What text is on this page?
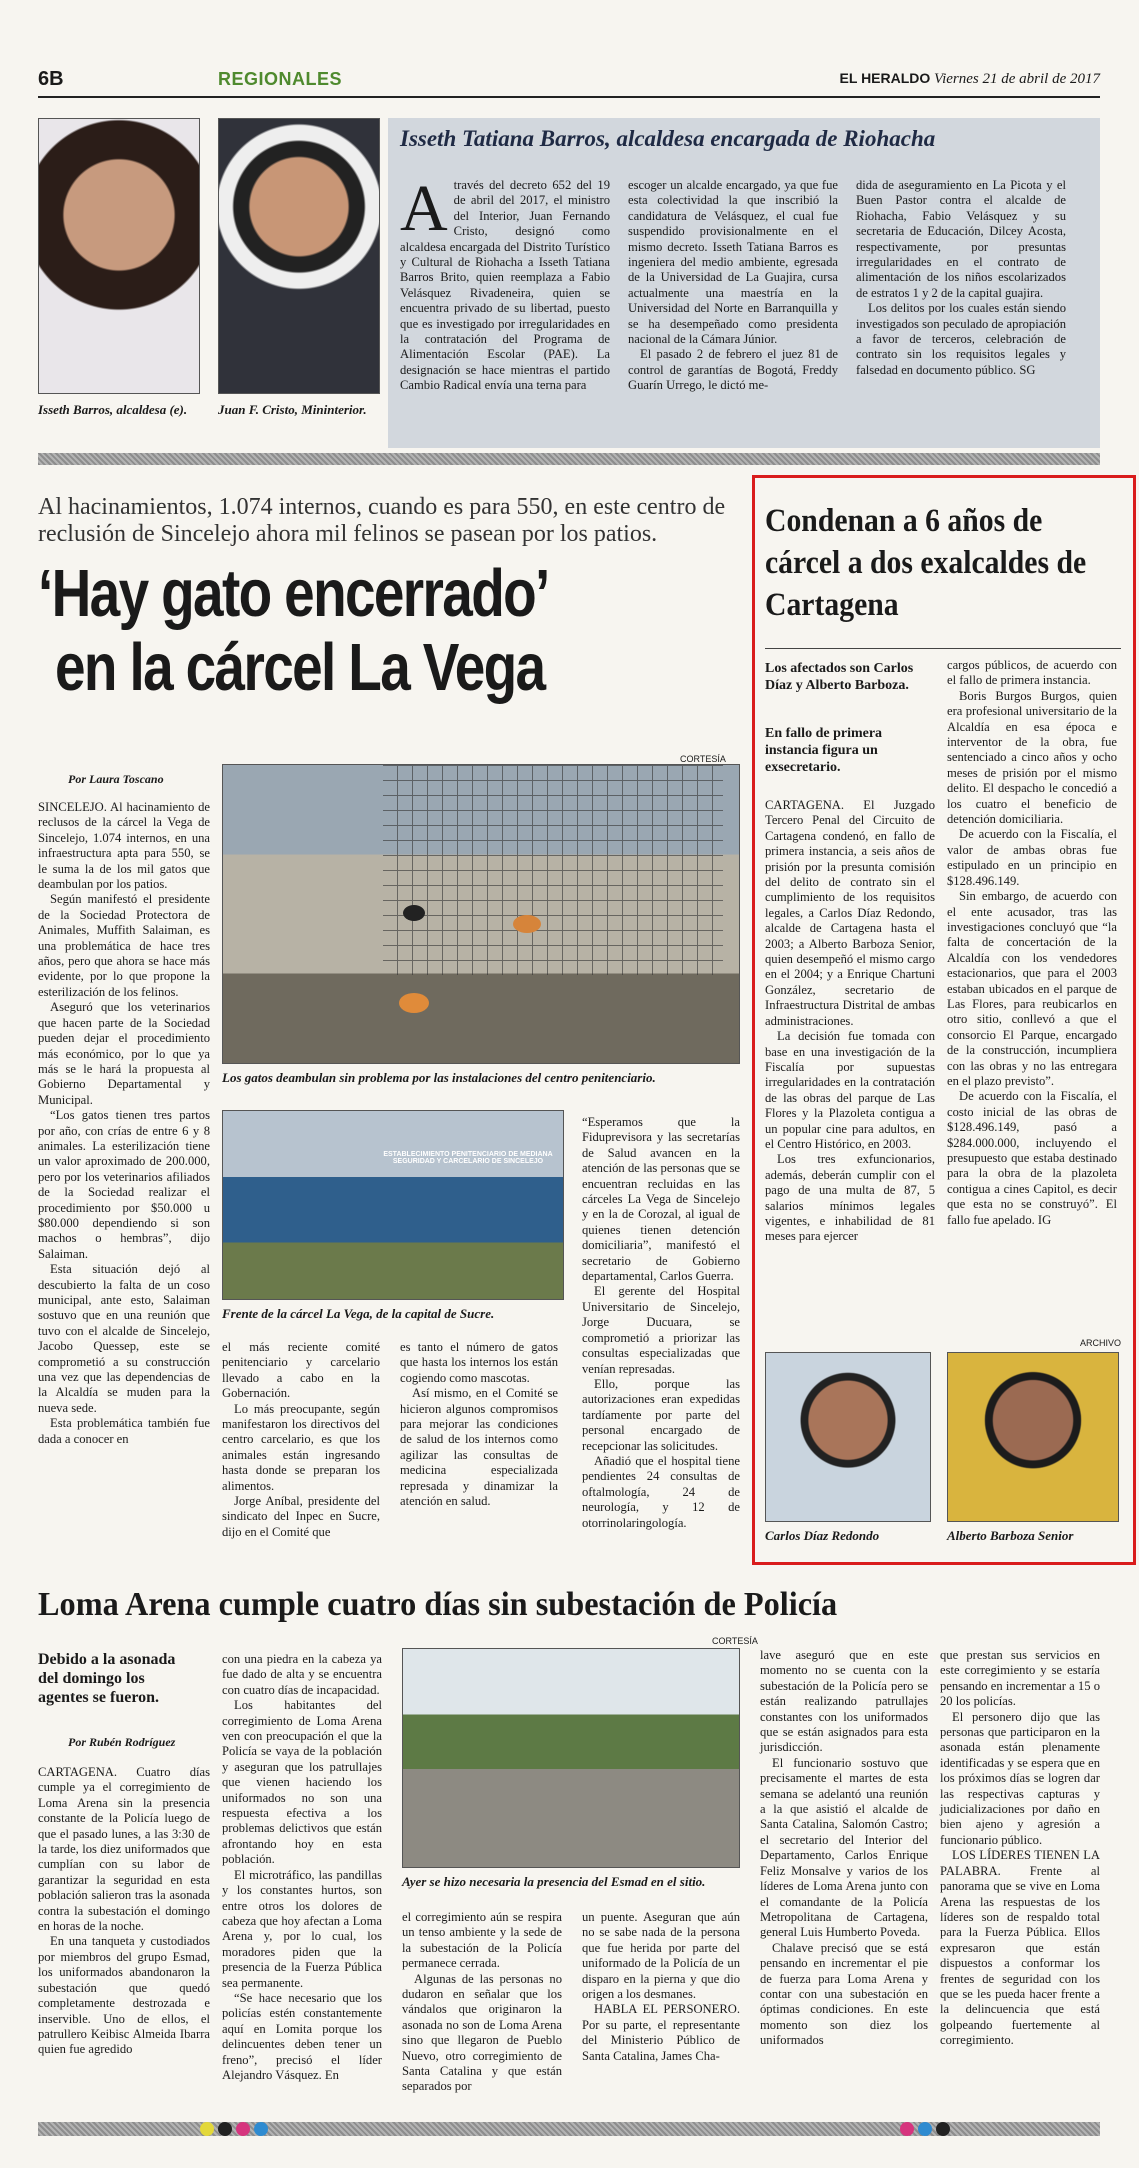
6B	REGIONALES	EL HERALDO Viernes 21 de abril de 2017
Isseth Barros, alcaldesa (e).	Juan F. Cristo, Mininterior.
Isseth Tatiana Barros, alcaldesa encargada de Riohacha
Através del decreto 652 del 19 de abril del 2017, el ministro del Interior, Juan Fernando Cristo, designó como alcaldesa encargada del Distrito Turístico y Cultural de Riohacha a Isseth Tatiana Barros Brito, quien reemplaza a Fabio Velásquez Rivadeneira, quien se encuentra privado de su libertad, puesto que es investigado por irregularidades en la contratación del Programa de Alimentación Escolar (PAE). La designación se hace mientras el partido Cambio Radical envía una terna para

escoger un alcalde encargado, ya que fue esta colectividad la que inscribió la candidatura de Velásquez, el cual fue suspendido provisionalmente en el mismo decreto. Isseth Tatiana Barros es ingeniera del medio ambiente, egresada de la Universidad de La Guajira, cursa actualmente una maestría en la Universidad del Norte en Barranquilla y se ha desempeñado como presidenta nacional de la Cámara Júnior.

El pasado 2 de febrero el juez 81 de control de garantías de Bogotá, Freddy Guarín Urrego, le dictó me-

dida de aseguramiento en La Picota y el Buen Pastor contra el alcalde de Riohacha, Fabio Velásquez y su secretaria de Educación, Dilcey Acosta, respectivamente, por presuntas irregularidades en el contrato de alimentación de los niños escolarizados de estratos 1 y 2 de la capital guajira.

Los delitos por los cuales están siendo investigados son peculado de apropiación a favor de terceros, celebración de contrato sin los requisitos legales y falsedad en documento público. SG

Al hacinamientos, 1.074 internos, cuando es para 550, en este centro de reclusión de Sincelejo ahora mil felinos se pasean por los patios.
‘Hay gato encerrado’
en la cárcel La Vega
Por Laura Toscano
CORTESÍA
Los gatos deambulan sin problema por las instalaciones del centro penitenciario.
ESTABLECIMIENTO PENITENCIARIO DE MEDIANA SEGURIDAD Y CARCELARIO DE SINCELEJO
Frente de la cárcel La Vega, de la capital de Sucre.

SINCELEJO. Al hacinamiento de reclusos de la cárcel la Vega de Sincelejo, 1.074 internos, en una infraestructura apta para 550, se le suma la de los mil gatos que deambulan por los patios.

Según manifestó el presidente de la Sociedad Protectora de Animales, Muffith Salaiman, es una problemática de hace tres años, pero que ahora se hace más evidente, por lo que propone la esterilización de los felinos.

Aseguró que los veterinarios que hacen parte de la Sociedad pueden dejar el procedimiento más económico, por lo que ya más se le hará la propuesta al Gobierno Departamental y Municipal.

“Los gatos tienen tres partos por año, con crías de entre 6 y 8 animales. La esterilización tiene un valor aproximado de 200.000, pero por los veterinarios afiliados de la Sociedad realizar el procedimiento por $50.000 u $80.000 dependiendo si son machos o hembras”, dijo Salaiman.

Esta situación dejó al descubierto la falta de un coso municipal, ante esto, Salaiman sostuvo que en una reunión que tuvo con el alcalde de Sincelejo, Jacobo Quessep, este se comprometió a su construcción una vez que las dependencias de la Alcaldía se muden para la nueva sede.

Esta problemática también fue dada a conocer en

el más reciente comité penitenciario y carcelario llevado a cabo en la Gobernación.

Lo más preocupante, según manifestaron los directivos del centro carcelario, es que los animales están ingresando hasta donde se preparan los alimentos.

Jorge Aníbal, presidente del sindicato del Inpec en Sucre, dijo en el Comité que

es tanto el número de gatos que hasta los internos los están cogiendo como mascotas.

Así mismo, en el Comité se hicieron algunos compromisos para mejorar las condiciones de salud de los internos como agilizar las consultas de medicina especializada represada y dinamizar la atención en salud.

“Esperamos que la Fiduprevisora y las secretarías de Salud avancen en la atención de las personas que se encuentran recluidas en las cárceles La Vega de Sincelejo y en la de Corozal, al igual de quienes tienen detención domiciliaria”, manifestó el secretario de Gobierno departamental, Carlos Guerra.

El gerente del Hospital Universitario de Sincelejo, Jorge Ducuara, se comprometió a priorizar las consultas especializadas que venían represadas.

Ello, porque las autorizaciones eran expedidas tardíamente por parte del personal encargado de recepcionar las solicitudes.

Añadió que el hospital tiene pendientes 24 consultas de oftalmología, 24 de neurología, y 12 de otorrinolaringología.

Condenan a 6 años de cárcel a dos exalcaldes de Cartagena
Los afectados son Carlos Díaz y Alberto Barboza.
En fallo de primera instancia figura un exsecretario.

CARTAGENA. El Juzgado Tercero Penal del Circuito de Cartagena condenó, en fallo de primera instancia, a seis años de prisión por la presunta comisión del delito de contrato sin el cumplimiento de los requisitos legales, a Carlos Díaz Redondo, alcalde de Cartagena hasta el 2003; a Alberto Barboza Senior, quien desempeñó el mismo cargo en el 2004; y a Enrique Chartuni González, secretario de Infraestructura Distrital de ambas administraciones.

La decisión fue tomada con base en una investigación de la Fiscalía por supuestas irregularidades en la contratación de las obras del parque de Las Flores y la Plazoleta contigua a un popular cine para adultos, en el Centro Histórico, en 2003.

Los tres exfuncionarios, además, deberán cumplir con el pago de una multa de 87, 5 salarios mínimos legales vigentes, e inhabilidad de 81 meses para ejercer

cargos públicos, de acuerdo con el fallo de primera instancia.

Boris Burgos Burgos, quien era profesional universitario de la Alcaldía en esa época e interventor de la obra, fue sentenciado a cinco años y ocho meses de prisión por el mismo delito. El despacho le concedió a los cuatro el beneficio de detención domiciliaria.

De acuerdo con la Fiscalía, el valor de ambas obras fue estipulado en un principio en $128.496.149.

Sin embargo, de acuerdo con el ente acusador, tras las investigaciones concluyó que “la falta de concertación de la Alcaldía con los vendedores estacionarios, que para el 2003 estaban ubicados en el parque de Las Flores, para reubicarlos en otro sitio, conllevó a que el consorcio El Parque, encargado de la construcción, incumpliera con las obras y no las entregara en el plazo previsto”.

De acuerdo con la Fiscalía, el costo inicial de las obras de $128.496.149, pasó a $284.000.000, incluyendo el presupuesto que estaba destinado para la obra de la plazoleta contigua a cines Capitol, es decir que esta no se construyó”. El fallo fue apelado. IG

ARCHIVO
Carlos Díaz Redondo	Alberto Barboza Senior
Loma Arena cumple cuatro días sin subestación de Policía
Debido a la asonada del domingo los agentes se fueron.
Por Rubén Rodríguez

CARTAGENA. Cuatro días cumple ya el corregimiento de Loma Arena sin la presencia constante de la Policía luego de que el pasado lunes, a las 3:30 de la tarde, los diez uniformados que cumplían con su labor de garantizar la seguridad en esta población salieron tras la asonada contra la subestación el domingo en horas de la noche.

En una tanqueta y custodiados por miembros del grupo Esmad, los uniformados abandonaron la subestación que quedó completamente destrozada e inservible. Uno de ellos, el patrullero Keibisc Almeida Ibarra quien fue agredido

con una piedra en la cabeza ya fue dado de alta y se encuentra con cuatro días de incapacidad.

Los habitantes del corregimiento de Loma Arena ven con preocupación el que la Policía se vaya de la población y aseguran que los patrullajes que vienen haciendo los uniformados no son una respuesta efectiva a los problemas delictivos que están afrontando hoy en esta población.

El microtráfico, las pandillas y los constantes hurtos, son entre otros los dolores de cabeza que hoy afectan a Loma Arena y, por lo cual, los moradores piden que la presencia de la Fuerza Pública sea permanente.

“Se hace necesario que los policías estén constantemente aquí en Lomita porque los delincuentes deben tener un freno”, precisó el líder Alejandro Vásquez. En

CORTESÍA
Ayer se hizo necesaria la presencia del Esmad en el sitio.

el corregimiento aún se respira un tenso ambiente y la sede de la subestación de la Policía permanece cerrada.

Algunas de las personas no dudaron en señalar que los vándalos que originaron la asonada no son de Loma Arena sino que llegaron de Pueblo Nuevo, otro corregimiento de Santa Catalina y que están separados por

un puente. Aseguran que aún no se sabe nada de la persona que fue herida por parte del uniformado de la Policía de un disparo en la pierna y que dio origen a los desmanes.

HABLA EL PERSONERO. Por su parte, el representante del Ministerio Público de Santa Catalina, James Cha-

lave aseguró que en este momento no se cuenta con la subestación de la Policía pero se están realizando patrullajes constantes con los uniformados que se están asignados para esta jurisdicción.

El funcionario sostuvo que precisamente el martes de esta semana se adelantó una reunión a la que asistió el alcalde de Santa Catalina, Salomón Castro; el secretario del Interior del Departamento, Carlos Enrique Feliz Monsalve y varios de los líderes de Loma Arena junto con el comandante de la Policía Metropolitana de Cartagena, general Luis Humberto Poveda.

Chalave precisó que se está pensando en incrementar el pie de fuerza para Loma Arena y contar con una subestación en óptimas condiciones. En este momento son diez los uniformados

que prestan sus servicios en este corregimiento y se estaría pensando en incrementar a 15 o 20 los policías.

El personero dijo que las personas que participaron en la asonada están plenamente identificadas y se espera que en los próximos días se logren dar las respectivas capturas y judicializaciones por daño en bien ajeno y agresión a funcionario público.

LOS LÍDERES TIENEN LA PALABRA. Frente al panorama que se vive en Loma Arena las respuestas de los líderes son de respaldo total para la Fuerza Pública. Ellos expresaron que están dispuestos a conformar los frentes de seguridad con los que se les pueda hacer frente a la delincuencia que está golpeando fuertemente al corregimiento.
